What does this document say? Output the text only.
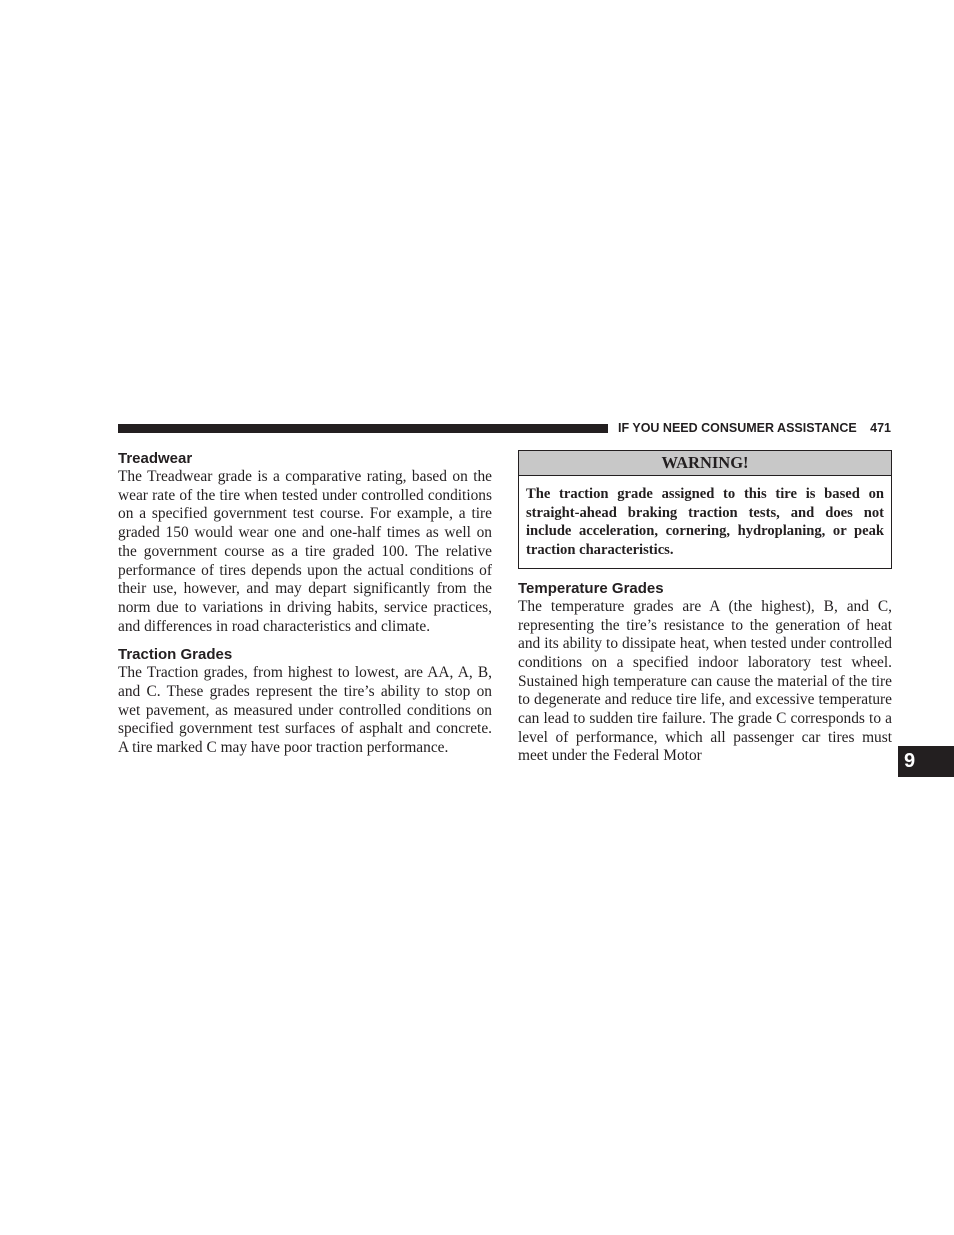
IF YOU NEED CONSUMER ASSISTANCE 471
Treadwear

The Treadwear grade is a comparative rating, based on the wear rate of the tire when tested under controlled conditions on a specified government test course. For example, a tire graded 150 would wear one and one-half times as well on the government course as a tire graded 100. The relative performance of tires depends upon the actual conditions of their use, however, and may depart significantly from the norm due to variations in driving habits, service practices, and differences in road characteristics and climate.

Traction Grades

The Traction grades, from highest to lowest, are AA, A, B, and C. These grades represent the tire’s ability to stop on wet pavement, as measured under controlled conditions on specified government test surfaces of asphalt and concrete. A tire marked C may have poor traction performance.

WARNING!
The traction grade assigned to this tire is based on straight-ahead braking traction tests, and does not include acceleration, cornering, hydroplaning, or peak traction characteristics.
Temperature Grades

The temperature grades are A (the highest), B, and C, representing the tire’s resistance to the generation of heat and its ability to dissipate heat, when tested under controlled conditions on a specified indoor laboratory test wheel. Sustained high temperature can cause the material of the tire to degenerate and reduce tire life, and excessive temperature can lead to sudden tire failure. The grade C corresponds to a level of performance, which all passenger car tires must meet under the Federal Motor	9
